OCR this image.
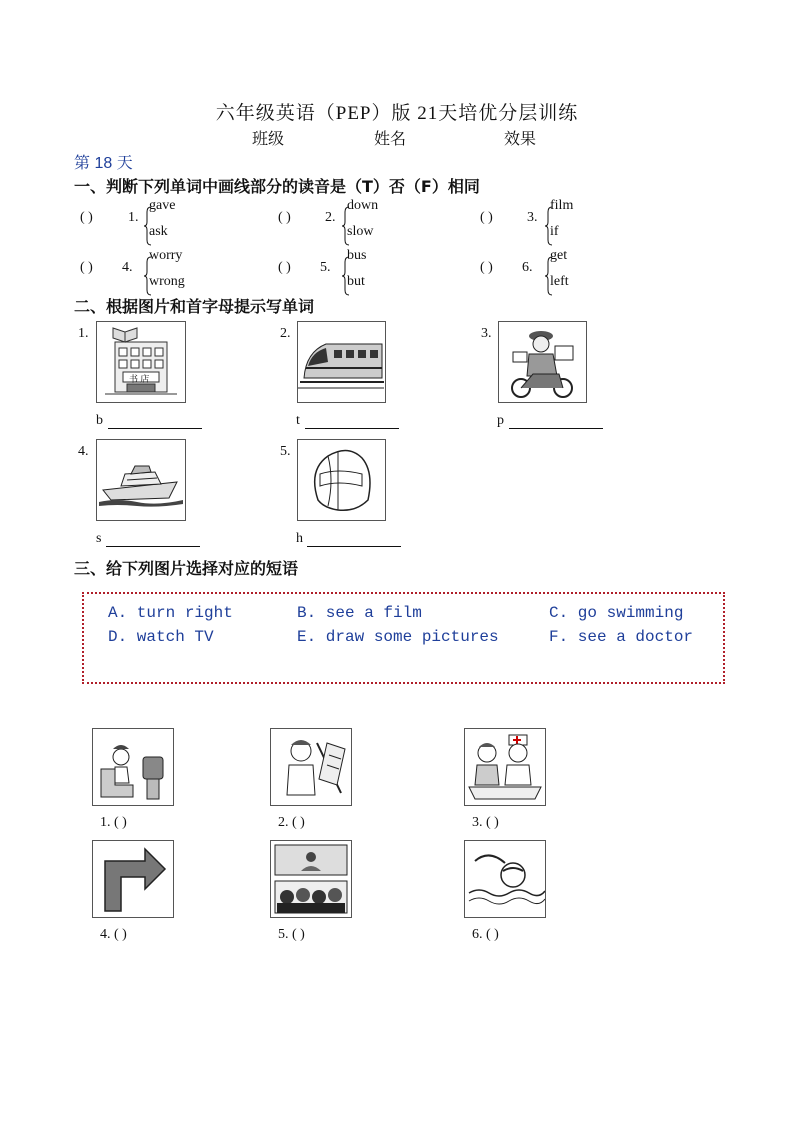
六年级英语（PEP）版 21天培优分层训练
班级	姓名	效果
第 18 天
一、判断下列单词中画线部分的读音是（T）否（F）相同
( )	1.
gave
ask
( ) 2.
down
slow
( ) 3.
film
if
( ) 4.
worry
wrong
( ) 5.
bus
but
( ) 6.
get
left
二、根据图片和首字母提示写单词
1.
书 店
b
2.
t
3.
p
4.
s
5.
h
三、给下列图片选择对应的短语
A. turn right	B. see a film	C. go swimming
D. watch TV	E. draw some pictures	F. see a doctor
1. ( )	2. ( )	3. ( )
4. ( )	5. ( )	6. ( )
